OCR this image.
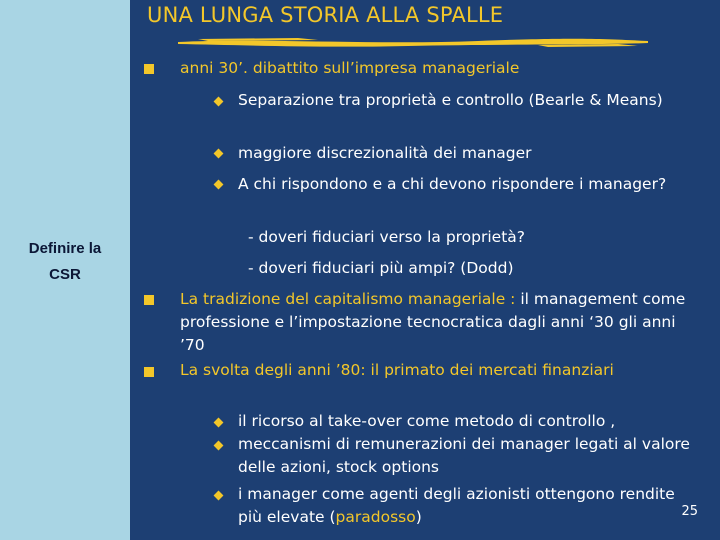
UNA LUNGA STORIA ALLA SPALLE
anni 30’. dibattito sull’impresa manageriale
Separazione tra proprietà e controllo (Bearle & Means)
maggiore discrezionalità dei manager
A chi rispondono e a chi devono rispondere i manager?
- doveri fiduciari verso la proprietà?
- doveri fiduciari più ampi? (Dodd)
La tradizione del capitalismo manageriale : il management come professione e l’impostazione tecnocratica dagli anni ‘30 gli anni ’70
La svolta degli anni ’80: il primato dei mercati finanziari
il ricorso al take-over come metodo di controllo ,
meccanismi di remunerazioni dei manager legati al valore delle azioni, stock options
i manager come agenti degli azionisti ottengono rendite più elevate (paradosso)	25
Definire la
CSR
